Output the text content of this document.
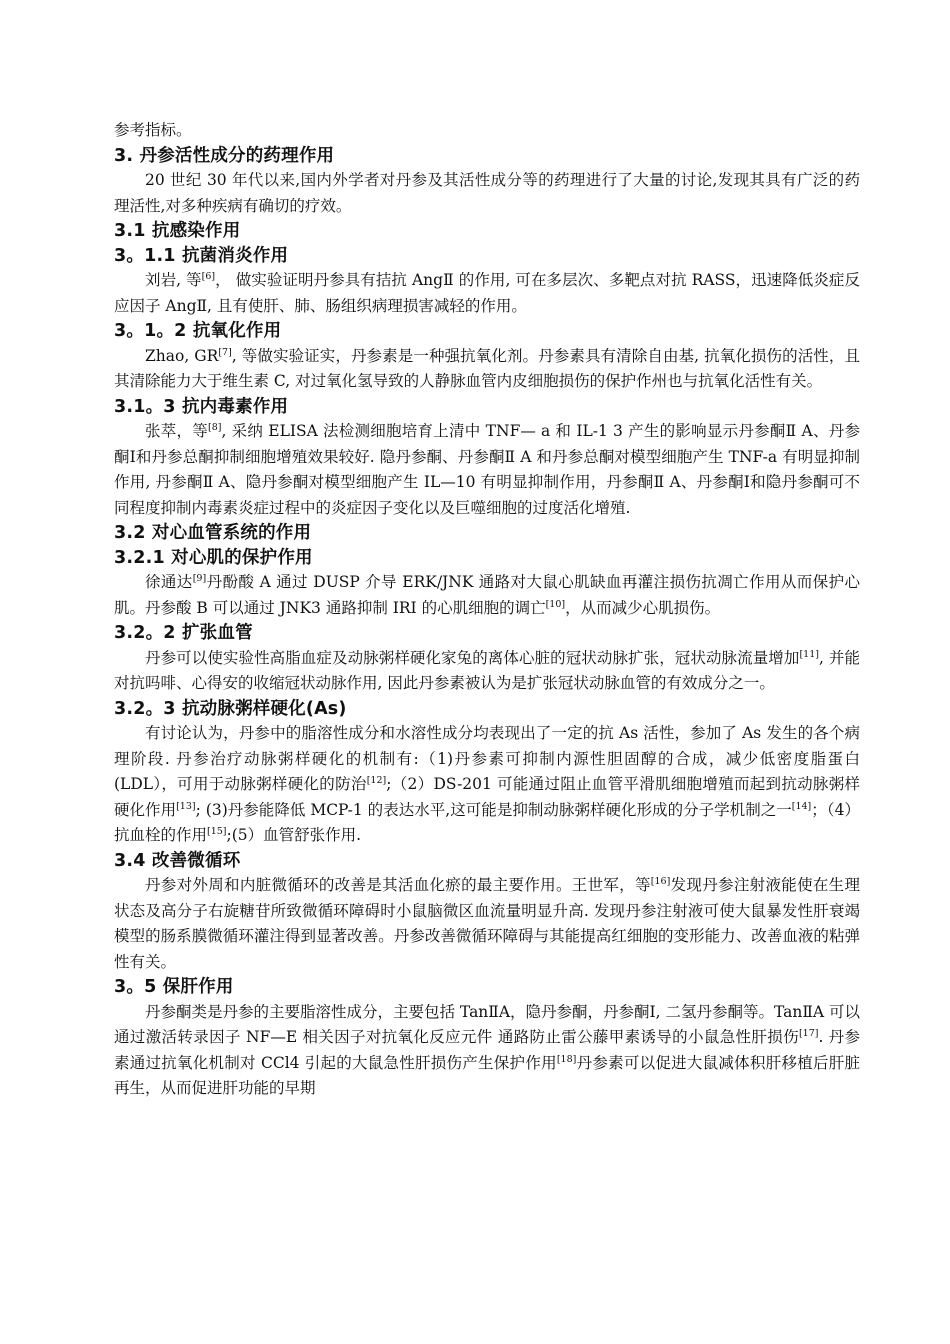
参考指标。

3. 丹参活性成分的药理作用

20 世纪 30 年代以来,国内外学者对丹参及其活性成分等的药理进行了大量的讨论,发现其具有广泛的药理活性,对多种疾病有确切的疗效。

3.1 抗感染作用
3。1.1 抗菌消炎作用

刘岩, 等[6]， 做实验证明丹参具有拮抗 AngⅡ 的作用, 可在多层次、多靶点对抗 RASS，迅速降低炎症反应因子 AngⅡ, 且有使肝、肺、肠组织病理损害减轻的作用。

3。1。2 抗氧化作用

Zhao, GR[7], 等做实验证实，丹参素是一种强抗氧化剂。丹参素具有清除自由基, 抗氧化损伤的活性，且其清除能力大于维生素 C, 对过氧化氢导致的人静脉血管内皮细胞损伤的保护作州也与抗氧化活性有关。

3.1。3 抗内毒素作用

张萃，等[8], 采纳 ELISA 法检测细胞培育上清中 TNF— a 和 IL-1 3 产生的影响显示丹参酮Ⅱ A、丹参酮Ⅰ和丹参总酮抑制细胞增殖效果较好. 隐丹参酮、丹参酮Ⅱ A 和丹参总酮对模型细胞产生 TNF-a 有明显抑制作用, 丹参酮Ⅱ A、隐丹参酮对模型细胞产生 IL—10 有明显抑制作用，丹参酮Ⅱ A、丹参酮Ⅰ和隐丹参酮可不同程度抑制内毒素炎症过程中的炎症因子变化以及巨噬细胞的过度活化增殖.

3.2 对心血管系统的作用
3.2.1 对心肌的保护作用

徐通达[9]丹酚酸 A 通过 DUSP 介导 ERK/JNK 通路对大鼠心肌缺血再灌注损伤抗凋亡作用从而保护心肌。丹参酸 B 可以通过 JNK3 通路抑制 IRI 的心肌细胞的调亡[10]，从而减少心肌损伤。

3.2。2 扩张血管

丹参可以使实验性高脂血症及动脉粥样硬化家兔的离体心脏的冠状动脉扩张，冠状动脉流量增加[11], 并能对抗吗啡、心得安的收缩冠状动脉作用, 因此丹参素被认为是扩张冠状动脉血管的有效成分之一。

3.2。3 抗动脉粥样硬化(As)

有讨论认为，丹参中的脂溶性成分和水溶性成分均表现出了一定的抗 As 活性，参加了 As 发生的各个病理阶段. 丹参治疗动脉粥样硬化的机制有:（1)丹参素可抑制内源性胆固醇的合成，减少低密度脂蛋白 (LDL），可用于动脉粥样硬化的防治[12];（2）DS-201 可能通过阻止血管平滑肌细胞增殖而起到抗动脉粥样硬化作用[13]; (3)丹参能降低 MCP-1 的表达水平,这可能是抑制动脉粥样硬化形成的分子学机制之一[14]；（4）抗血栓的作用[15];(5）血管舒张作用.

3.4 改善微循环

丹参对外周和内脏微循环的改善是其活血化瘀的最主要作用。王世军，等[16]发现丹参注射液能使在生理状态及高分子右旋糖苷所致微循环障碍时小鼠脑微区血流量明显升高. 发现丹参注射液可使大鼠暴发性肝衰竭模型的肠系膜微循环灌注得到显著改善。丹参改善微循环障碍与其能提高红细胞的变形能力、改善血液的粘弹性有关。

3。5 保肝作用

丹参酮类是丹参的主要脂溶性成分，主要包括 TanⅡA，隐丹参酮，丹参酮Ⅰ, 二氢丹参酮等。TanⅡA 可以通过激活转录因子 NF—E 相关因子对抗氧化反应元件 通路防止雷公藤甲素诱导的小鼠急性肝损伤[17]. 丹参素通过抗氧化机制对 CCl4 引起的大鼠急性肝损伤产生保护作用[18]丹参素可以促进大鼠减体积肝移植后肝脏再生，从而促进肝功能的早期
